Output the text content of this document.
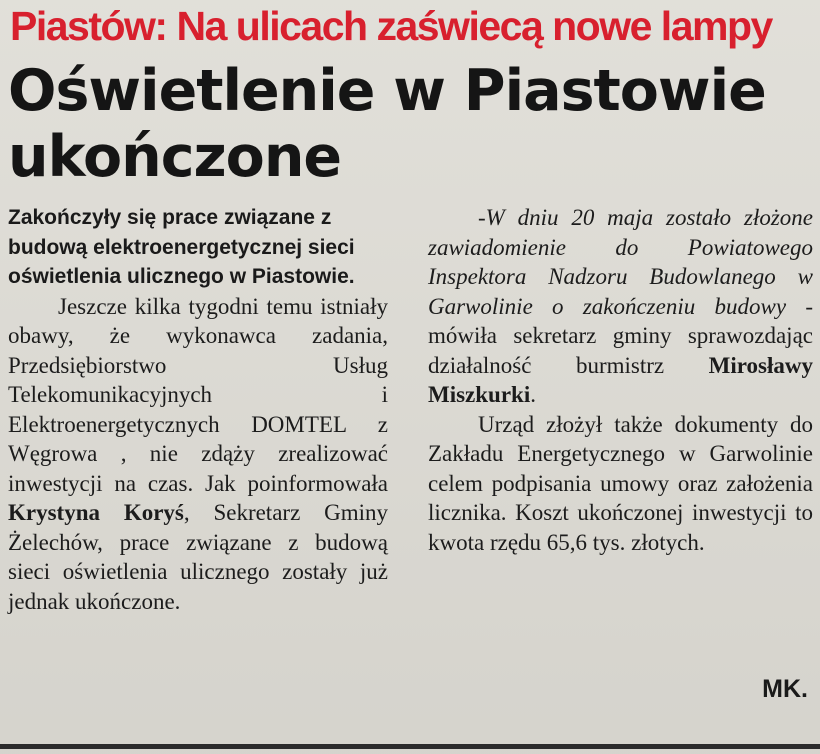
Piastów: Na ulicach zaświecą nowe lampy
Oświetlenie w Piastowie ukończone

Zakończyły się prace związane z budową elektroenergetycznej sieci oświetlenia ulicznego w Piastowie.

Jeszcze kilka tygodni temu istniały obawy, że wykonawca zadania, Przedsiębiorstwo Usług Telekomunikacyjnych i Elektroenergetycznych DOMTEL z Węgrowa , nie zdąży zrealizować inwestycji na czas. Jak poinformowała Krystyna Koryś, Sekretarz Gminy Żelechów, prace związane z budową sieci oświetlenia ulicznego zostały już jednak ukończone.

-W dniu 20 maja zostało złożone zawiadomienie do Powiatowego Inspektora Nadzoru Budowlanego w Garwolinie o zakończeniu budowy -mówiła sekretarz gminy sprawozdając działalność burmistrz Mirosławy Miszkurki.

Urząd złożył także dokumenty do Zakładu Energetycznego w Garwolinie celem podpisania umowy oraz założenia licznika. Koszt ukończonej inwestycji to kwota rzędu 65,6 tys. złotych.

MK.
